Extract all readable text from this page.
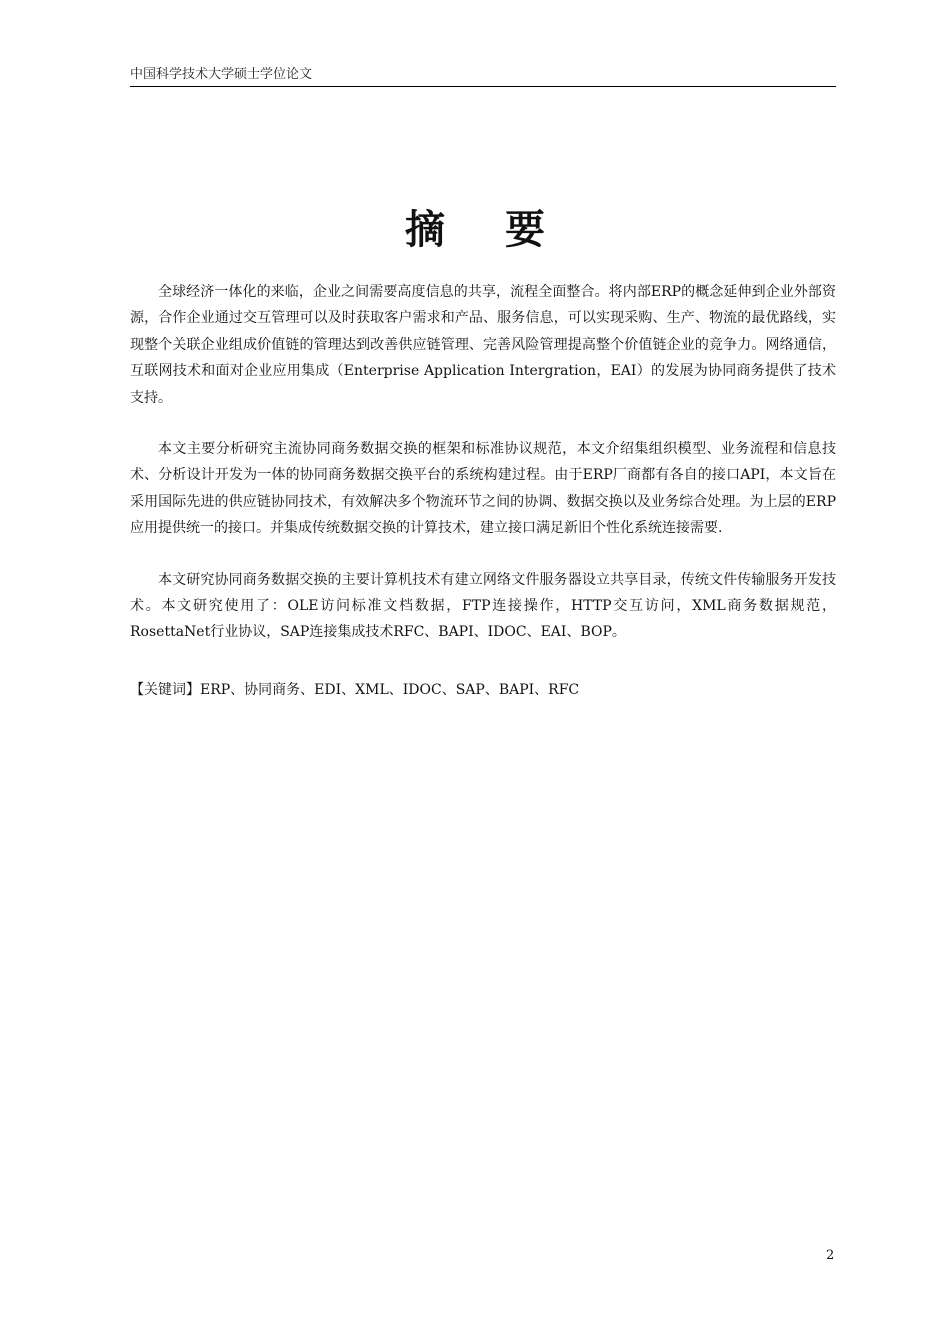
中国科学技术大学硕士学位论文
摘要

全球经济一体化的来临，企业之间需要高度信息的共享，流程全面整合。将内部ERP的概念延伸到企业外部资源，合作企业通过交互管理可以及时获取客户需求和产品、服务信息，可以实现采购、生产、物流的最优路线，实现整个关联企业组成价值链的管理达到改善供应链管理、完善风险管理提高整个价值链企业的竞争力。网络通信，互联网技术和面对企业应用集成（Enterprise Application Intergration，EAI）的发展为协同商务提供了技术支持。

本文主要分析研究主流协同商务数据交换的框架和标准协议规范，本文介绍集组织模型、业务流程和信息技术、分析设计开发为一体的协同商务数据交换平台的系统构建过程。由于ERP厂商都有各自的接口API，本文旨在采用国际先进的供应链协同技术，有效解决多个物流环节之间的协调、数据交换以及业务综合处理。为上层的ERP应用提供统一的接口。并集成传统数据交换的计算技术，建立接口满足新旧个性化系统连接需要.

本文研究协同商务数据交换的主要计算机技术有建立网络文件服务器设立共享目录，传统文件传输服务开发技术。本文研究使用了：OLE访问标准文档数据，FTP连接操作，HTTP交互访问，XML商务数据规范，RosettaNet行业协议，SAP连接集成技术RFC、BAPI、IDOC、EAI、BOP。

【关键词】ERP、协同商务、EDI、XML、IDOC、SAP、BAPI、RFC
2
